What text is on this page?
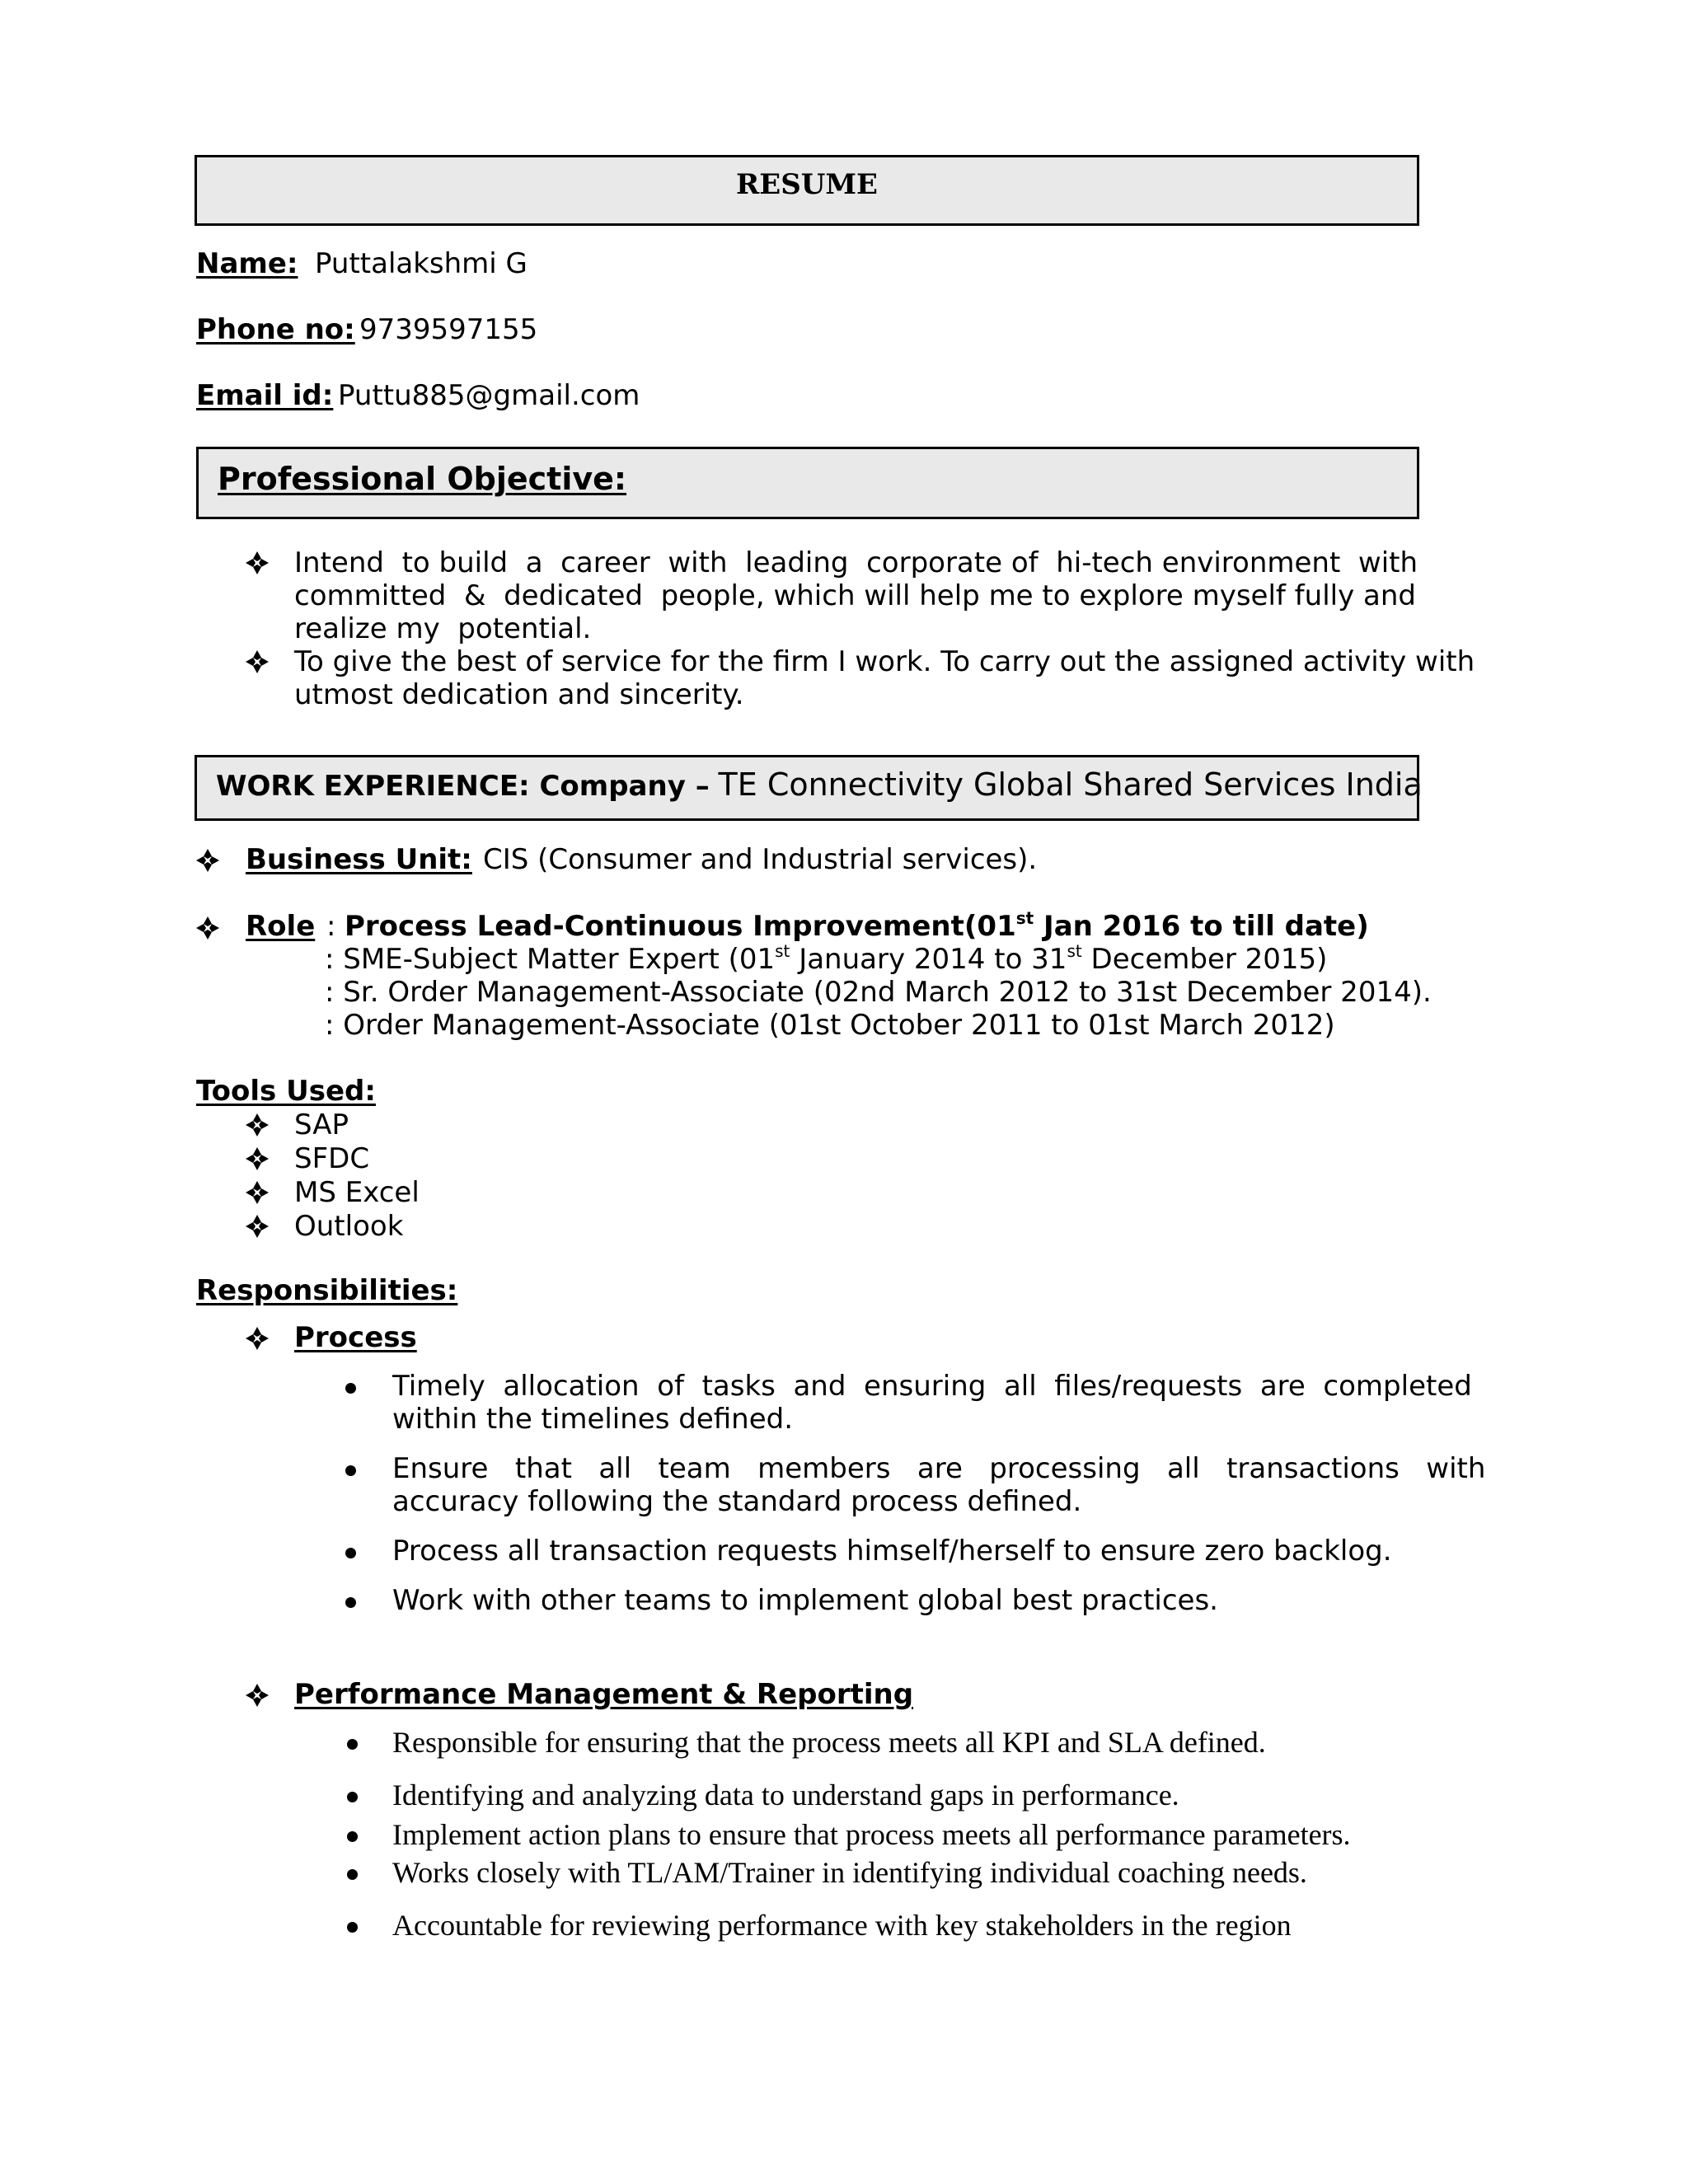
RESUME
Name: Puttalakshmi G
Phone no: 9739597155
Email id: Puttu885@gmail.com
Professional Objective:
Intend  to build  a  career  with  leading  corporate of  hi-tech environment  with
committed  &  dedicated  people, which will help me to explore myself fully and
realize my  potential.
To give the best of service for the firm I work. To carry out the assigned activity with
utmost dedication and sincerity.
WORK EXPERIENCE: Company – TE Connectivity Global Shared Services India
Business Unit: CIS (Consumer and Industrial services).
Role : Process Lead-Continuous Improvement(01st Jan 2016 to till date)
: SME-Subject Matter Expert (01st January 2014 to 31st December 2015)
: Sr. Order Management-Associate (02nd March 2012 to 31st December 2014).
: Order Management-Associate (01st October 2011 to 01st March 2012)
Tools Used:
SAP
SFDC
MS Excel
Outlook
Responsibilities:
Process
Timely  allocation  of  tasks  and  ensuring  all  files/requests  are  completed
within the timelines defined.
Ensure   that   all   team   members   are   processing   all   transactions   with
accuracy following the standard process defined.
Process all transaction requests himself/herself to ensure zero backlog.
Work with other teams to implement global best practices.
Performance Management & Reporting
Responsible for ensuring that the process meets all KPI and SLA defined.
Identifying and analyzing data to understand gaps in performance.
Implement action plans to ensure that process meets all performance parameters.
Works closely with TL/AM/Trainer in identifying individual coaching needs.
Accountable for reviewing performance with key stakeholders in the region
